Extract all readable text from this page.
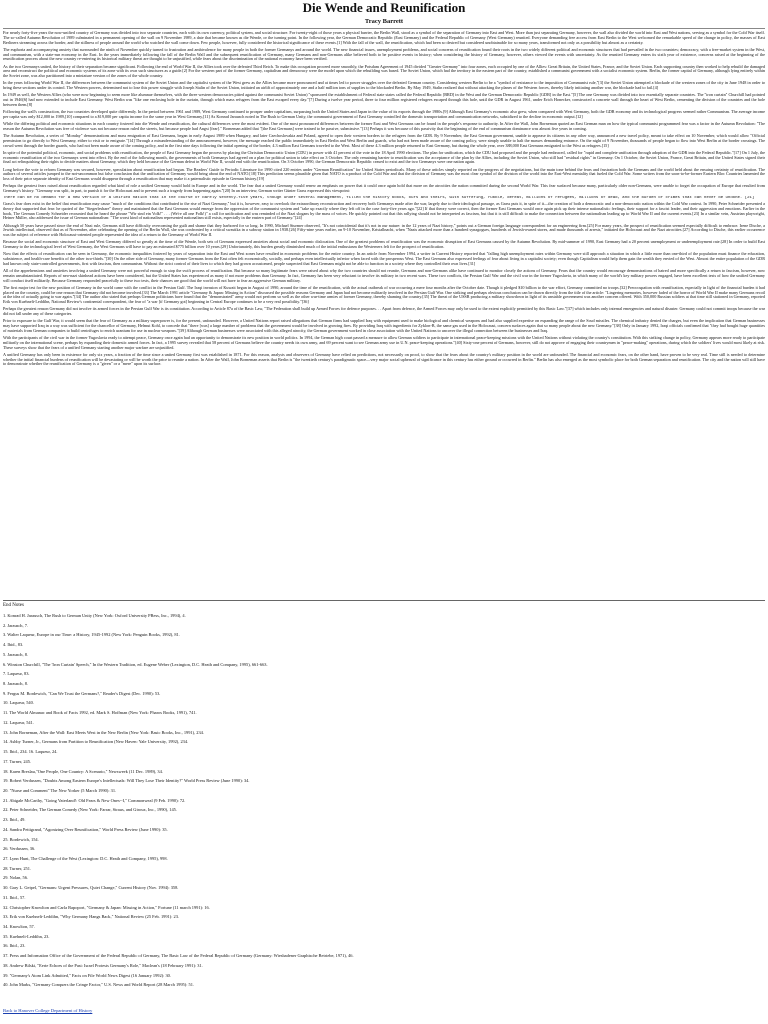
Die Wende and Reunification
Tracy Barrett

For nearly forty-five years the now-unified country of Germany was divided into two separate countries, each with its own currency, political system, and social structure. For twenty-eight of those years a physical barrier, the Berlin Wall, stood as a symbol of the separation of Germany into East and West. More than just separating Germany, however, the wall also divided the world into East and West nations, serving as a symbol for the Cold War itself. The so-called Autumn Revolution of 1989 culminated in a permanent opening of the wall on 9 November 1989, a date that became known as die Wende, or the turning point. In the following year, the German Democratic Republic (East Germany) and the Federal Republic of Germany (West Germany) reunited. Everyone demanding free access from East Berlin to the West welcomed the remarkable speed of the change in policy, the masses of East Berliners streaming across the border, and the stillness of people around the world who watched the wall come down. Few people, however, fully considered the historical significance of these events.[1] With the fall of the wall, the reunification, which had been so desired but considered unobtainable for so many years, transformed not only as a possibility but almost as a certainty.

The euphoria and accompanying anxiety that surrounded the ninth of November quickly turned to frustration and ambivalence for many people in both the former Germanys and around the world. The new financial issues, unemployment problems, and social concerns of reunification found their roots in the two widely different political and economic structures that had prevailed in the two countries; democracy, with a free-market system in the West, and communism, with a state-run economy in the East. In the years immediately following the fall of the Berlin Wall and the subsequent reunification of Germany, many Germans and non-Germans alike believed both to be positive events in history; when considering the history of Germany, however, others viewed the events with uncertainty. As the reunited Germany enters its sixth year of existence, concerns raised at the beginning of the reunification process about the new country re-entering its historical military threat are thought to be unjustified, while fears about the discrimination of the national economy have been verified.

As the two Germanys united, the history of their separation became significant. Following the end of World War II, the Allies took over the defeated Third Reich. To make this occupation proceed more smoothly, the Potsdam Agreement of 1945 divided "Greater Germany" into four zones, each occupied by one of the Allies: Great Britain, the United States, France, and the Soviet Union. Each supporting country then worked to help rebuild the damaged area and reconstruct the political and economic systems of its zone with its own such structures as a guide.[2] For the western part of the former Germany, capitalism and democracy were the model upon which the rebuilding was based. The Soviet Union, which had the territory in the eastern part of the country, established a communist government with a socialist economic system. Berlin, the former capital of Germany, although lying entirely within the Soviet zone, was also partitioned into a miniature version of the zones of the whole country.

In the years following World War II, the differences between the communist system of the Soviet Union and the capitalist system of the West grew as the Allies became more pronounced and at times led to power struggles over the defeated German country. Considering western Berlin to be a "symbol of resistance to the imposition of Communist rule,"[3] the Soviet Union attempted a blockade of the western zones of the city in June 1948 in order to bring these sections under its control. The Western powers, determined not to lose this power struggle with Joseph Stalin of the Soviet Union, initiated an airlift of approximately one and a half million tons of supplies to the blockaded Berlin. By May 1949, Stalin realized that without attacking the planes of the Western forces, thereby likely initiating another war, the blockade had to fail.[4]

In 1949 as well, the Western Allies (who were now beginning to seem more like alumnae themselves, with the three western democracies pitted against the communist Soviet Union) "sponsored the establishment of Federal state states called the Federal Republic [BRD] in the West and the German Democratic Republic [GDR] in the East."[5] The one Germany was divided into two essentially separate countries. The "iron curtain" Churchill had pointed out in 1946[6] had now extended to include East Germany. West Berlin was "like one enclosing hole in the curtain, through which mass refugees from the East escaped every day."[7] During a twelve year period, three to four million registered refugees escaped through this hole, until the GDR in August 1961, under Erich Honecker, constructed a concrete wall through the heart of West Berlin, cementing the division of the countries and the hole between them.[8]

Following the wall's construction, the two countries developed quite differently. In the period between 1961 and 1989, West Germany continued to prosper under capitalism, surpassing both the United States and Japan in the value of its exports through the 1980s.[9] Although East Germany's economic also grew, when compared with West Germany, both the GDR economy and its technological progress seemed rather Communism. The average income per capita was only $12,000 in 1989,[10] compared to a $19,000 per capita income for the same year in West Germany,[11] As Konrad Jarausch noted in The Rush to German Unity, the communist government of East Germany controlled the domestic transportation and communication networks, subsidized to the decline in economic output.[12]

While the differing political and economic situations in each country fostered into die Wende and reunification, the cultural differences were the most evident. One of the most pronounced differences between the former East and West Germans can be found in the people's response to authority. In After the Wall, John Borneman quoted an East German man on how the typical communist programmed fear was a factor in the Autumn Revolution: "The reason the Autumn Revolution was free of violence was not because reason ruled the streets, but because people had Angst [fear]." Borneman added that "[the East Germans] were trained to be passive, submissive."[13] Perhaps it was because of this passivity that the beginning of the end of communism dominance was almost five years in coming.

The Autumn Revolution, a series of "Monday" demonstrations and mass emigration of East Germans, began in early August 1989 when Hungary, and later Czechoslovakia and Poland, agreed to open their western borders to the refugees from the GDR. By 9 November, the East German government, unable to appease its citizens in any other way, announced a new travel policy, meant to take effect on 10 November, which would allow "Official permission to go directly to West Germany, either to visit or to emigrate."[14] Through a misunderstanding of the announcement, however, the message reached the public immediately in East Berlin and West Berlin and guards, who had not been made aware of the coming policy, were simply unable to halt the masses demanding entrance. On the night of 9 November, thousands of people began to flow into West Berlin at the border crossings. The crowd went through the border guards, who had not been made aware of the coming policy, and in the first nine days following the initial opening of the border, 4.3 million East Germans traveled to the West. Most of these 4.3 million people returned to East Germany, but during the whole year, over 388,000 East Germans emigrated to the West as refugees.[15]

In spite of the potential political, economic, and social problems with reunification, the people of East Germany began the process by placing the Christian Democratic Union (CDU) in power with 41 percent of the vote in the 18 April 1990 elections. The plan for unification, which the CDU had proposed and the people had embraced, called for "rapid and complete unification through adoption of the GDR into the Federal Republic."[17] On 1 July, the economic reunification of the two Germanys went into effect. By the end of the following month, the governments of both Germanys had agreed on a plan for political union to take effect on 3 October. The only remaining barrier to reunification was the acceptance of the plan by the Allies, including the Soviet Union, who still had "residual rights" in Germany. On 1 October, the Soviet Union, France, Great Britain, and the United States signed their final act relinquishing their rights to decide matters about Germany, which they held because of the German defeat in World War II, would end with the reunification. On 3 October 1990, the German Democratic Republic ceased to exist and the two Germanys were one nation again.

Long before the vote to reform Germany was secured, however, speculation about reunification had begun. The Readers' Guide to Periodic Literature for 1990 cited 220 entries under "German Reunification" for United States periodicals. Many of these articles simply reported on the progress of the negotiations, but the main tone behind the fears and frustration both the Germans and the world held about the ensuing certainty of reunification. The authors of several articles jumped to the not-uncommon but false conclusion that the unification of Germany would bring about the end of NATO.[18] This prediction seems plausible given that NATO is a product of the Cold War and that the division of Germany was the most clear symbol of the division of the world into the East-West mentality that fueled the Cold War. Some writers from the soon-to-be-former Eastern Bloc Countries lamented the loss of their prior separate identity of East Germans would disappear through a reunification that may make it a paternalistic episode in German history.[19]

Perhaps the greatest fears raised about reunification regarded what kind of role a unified Germany would hold in Europe and in the world. The fear that a united Germany would renew an emphasis on power that it could once again hold that more on the atrocities the nation committed during the second World War. This fear surfaced because many, particularly older non-Germans, were unable to forget the occupation of Europe that resulted from Germany's history. "Germany was split, in part, to punish it for the Holocaust and to prevent such a tragedy from happening again."[20] In an interview, German writer Günter Grass expressed this viewpoint:

There can be no demand for a new version of a unified nation that in the course of barely seventy-five years, though under several management, filled the history books, ours and theirs, with suffering, rubble, defeat, millions of refugees, millions of dead, and the burden of crimes that can never be undone. [21]

Grass's fear does exist in the belief that reunification may cause "much of the conditions that contributed to the rise of Nazi Germany," but it is, however, easy to overlook the extraordinary reconstruction and recovery both Germanys made after the war, largely due to their ideological passage, as Grass puts it, in spite of it—the creation of both a democratic and a non-democratic nation within the Cold War context. In 1990, Peter Schneider presented a theory that supported that fear: he quoted of the "Siegerlesbare" theory and maintained that the East Germans would emerge from the oppression of the communist system and "take up exactly where they left off in the case forty-five years ago."[22] If that theory were correct, then the former East Germans would once again pick up their intense nationalistic feelings, their support for a fascist leader, and their aggression and emotions. Earlier in the book, The German Comedy Schneider recounted that he heard the phrase "Wir sind ein Volk!" . . . (We're all one Folk!)" a call for unification and was reminded of the Nazi slogans by the mass of voices. He quickly pointed out that this rallying should not be interpreted as fascism, but that it is still difficult to make the connection between the nationalism leading up to World War II and the current events.[23] In a similar vein, Austrian playwright, Heiner Müller, also addressed the issue of German nationalism: "The worst kind of nationalism represented nationalism still exists, especially in the eastern part of Germany."[24]

Although 50 years have passed since the end of Nazi rule, Germans still have difficulty overcoming the guilt and shame that they harbored for so long. In 1990, Michael Sturmer observed, "It's not coincidental that it's not in our nature: in the 12 years of Nazi history," points out a German foreign language correspondent for an engineering firm.[25] For many years, the prospect of reunification seemed especially difficult to embrace. Irene Dische, a Jewish intellectual, observed that as of November, after celebrating the opening of the Berlin Wall, she was confronted by a critical swastika in a subway station in 1938.[26] Fifty-nine years earlier, on 9-10 November, Kristallnacht, when "Nazis attacked more than a hundred synagogues, hundreds of Jewish-owned stores, and made thousands of arrests," initiated the Holocaust and the Nazi atrocities.[27] According to Dische, this earlier occurrence was the subject of reference with Holocaust-oriented people represented the idea of a return to the Germany of World War II.

Because the social and economic structure of East and West Germany differed so greatly at the time of die Wende, both sets of Germans expressed anxieties about social and economic dislocation. One of the greatest problems of reunification was the economic disruption of East Germans caused by the Autumn Revolution. By mid-summer of 1990, East Germany had a 20 percent unemployment or underemployment rate.[28] In order to build East Germany to the technological level of West Germany, the West Germans will have to pay an estimated $775 billion over 10 years.[29] Unfortunately, this burden greatly diminished much of the initial enthusiasm the Westerners felt for the prospect of reunification.

Now that the effects of reunification can be seen in Germany, the economic inequalities fostered by years of separation into the East and West zones have resulted in economic problems for the entire country. In an article from November 1994, a writer in Current History reported that "falling high unemployment rates within Germany were still approach a situation in which a little more than one-third of the population must finance the education, subsistence, and health-care benefits of the other two-thirds."[30] On the other side of Germany, many former Germans from the East often felt economically, socially, and perhaps even intellectually inferior when faced with the prosperous West. The East Germans also expressed feelings of fear about living in a capitalist society; even though Capitalism would help them gain the wealth they envied of the West. Almost the entire population of the GDR had known only state-controlled governments, first with fascism, then communism. Without the strict control of their lives to which they had grown accustomed, people suspected that East Germans might not be able to function in a society where they controlled their own lives.[31]

All of the apprehensions and anxieties involving a united Germany were not powerful enough to stop the swift process of reunification. But because so many legitimate fears were raised about why the two countries should not reunite, Germans and non-Germans alike have continued to monitor closely the actions of Germany. Fears that the country would encourage demonstrations of hatred and more specifically a return to fascism, however, now remain unsubstantiated. Reports of neo-nazi skinhead actions have been considered, but the United States has experienced as many if not more problems than Germany. In fact, Germany has been very reluctant to involve its military in two recent wars. These two conflicts, the Persian Gulf War and the civil war in the former Yugoslavia, in which many of the world's key military powers engaged, have been excellent tests of how the unified Germany will conduct itself militarily. Because Germany responded peacefully to these two tests, their chances are good that the world will not have to fear an aggressive German military.

The first major test for the new position of Germany in the world came with the conflict in the Persian Gulf. The Iraqi invasion of Kuwait began in August of 1990, around the time of the reunification, with the actual outbreak of war occurring a mere four months after the October date. Though it pledged $10 billion to the war effort, Germany committed no troops.[32] Preoccupation with reunification, especially in light of the financial burden it had placed on the country, could be one reason that Germany did not become involved.[33] The March 1991 article "Germany & Japan: Missing in Action" discussed the possible reasons Germany and Japan had not become militarily involved in the Persian Gulf War. One striking and perhaps obvious conclusion can be drawn directly from the title of the article: "Lingering memories, however faded of the horror of World War II make many Germans recoil at the idea of actually going to war again."[34] The author also stated that perhaps German politicians have found that the "demonstrated" army would not perform so well as the other war-time armies of former Germany, thereby shaming the country.[35] The threat of the USSR producing a military showdown in light of its unstable government was another concern offered. With 350,000 Russian soldiers at that time still stationed in Germany, reported Erik von Kuehnelt-Leddihn, National Review's continental correspondent, the fear of "a war [if Germany got] beginning in Central Europe continues to be a very real possibility."[36]

Perhaps the greatest reason Germany did not involve its armed forces in the Persian Gulf War is its constitution. According to Article 87a of the Basic Law, "The Federation shall build up Armed Forces for defence purposes. . . Apart from defence, the Armed Forces may only be used to the extent explicitly permitted by this Basic Law."[37] which includes only internal emergencies and natural disaster. Germany could not commit troops because the war did not fall under any of these categories.

Prior to exposure to the Gulf War, it would seem that the fear of Germany as a military superpower is, for the present, unfounded. However, a United Nations report raised allegations that German firms had supplied Iraq with equipment used to make biological and chemical weapons and had also supplied expertise on expanding the range of the Scud missiles. The chemical industry denied the charges, but even the implication that German businesses may have supported Iraq in a way was sufficient for the chancellor of Germany, Helmut Kohl, to concede that "there [was] a large number of problems that the government would be involved in growing fires. By providing Iraq with ingredients for Zyklon-B, the same gas used in the Holocaust, concern surfaces again that so many people about the new Germany."[38] Only in January 1992, Iraqi officials confirmed that "they had bought huge quantities of materials from German companies to build centrifuges to enrich uranium for use in nuclear weapons."[39] Although German businesses were associated with this alleged atrocity, the German government worked in close association with the United Nations to uncover the illegal connection between the businesses and Iraq.

With the participants of the civil war in the former Yugoslavia ready to attempt peace, Germany once again had an opportunity to demonstrate its new position in world politics. In 1994, the German high court passed a measure to allow German soldiers to participate in international peace-keeping missions with the United Nations without violating the country's constitution. With this striking change in policy, Germany appears more ready to participate militarily on the international scene, perhaps by expanding their domestic armed forces. In fact, a 1995 survey revealed that 58 percent of Germans believe the country needs its own army, and 69 percent want to see German army use in U.N. peace-keeping operations."[40] Sixty-one percent of Germans, however, still do not approve of engaging their countrymen in "peace-making" operations, during which the soldiers' lives would most likely at risk. These surveys show that the fears of a unified Germany starting another major warfare are unjustified.

A unified Germany has only been in existence for only six years, a fraction of the time since a united Germany first was established in 1871. For this reason, analysts and observers of Germany have relied on predictions, not necessarily on proof, to show that the fears about the country's military position in the world are unfounded. The financial and economic fears, on the other hand, have proven to be very real. Time still is needed to determine whether the initial financial burdens of reunification will be devastating or will be worth the price to reunite a nation. In After the Wall, John Borneman asserts that Berlin is "the twentieth century's paradigmatic space—very major social upheaval of significance in this century has either ground or occurred in Berlin." Berlin has also emerged as the most symbolic place for both German separation and reunification. The city and the nation will still have to demonstrate whether the reunification of Germany is a "given" or a "mere" upon its surface.

End Notes
1. Konrad H. Jarausch, The Rush to German Unity (New York: Oxford University PRess, Inc., 1994), 4.
2. Jarausch, 7.
3. Walter Laqueur, Europe in our Time: a History, 1945-1992 (New York: Penguin Books, 1992), 81.
4. Ibid., 83.
5. Jarausch, 8.
6. Winston Churchill, "The 'Iron Curtain' Speech," In the Western Tradition, ed. Eugene Weber (Lexington, D.C. Heath and Company, 1995), 661-663.
7. Laqueur, 83.
8. Jarausch, 8.
9. Fergus M. Bordewich, "Can We Trust the Germans?," Reader's Digest (Dec. 1990): 53.
10. Laqueur, 540.
11. The World Almanac and Book of Facts 1992, ed. Mark S. Hoffman (New York: Pharos Books, 1991), 741.
12. Laqueur, 541.
13. John Borneman, After the Wall: East Meets West in the New Berlin (New York: Basic Books, Inc., 1991), 234.
14. Ashby Turner, Jr., Germans from Partition to Reunification (New Haven: Yale University, 1992), 234.
15. Ibid., 234. 16. Laqueur, 24.
17. Turner, 245.
18. Karen Breslau,"One People, One Country: A Scenario," Newsweek (11 Dec. 1989), 34.
19. Robert Verdussen, "Doubts Among Eastern Europe's Intellectuals: Will They Lose Their Identity?" World Press Review (June 1990): 34.
20. "Nurse and Comment" The New Yorker (5 March 1990): 31.
21. Abigale McCarthy, "Going Vaterland!: Old Fears & New Ones--I," Commonweal (9 Feb. 1990): 72.
22. Peter Schneider, The German Comedy (New York: Farrar, Straus, and Giroux, Inc., 1990), 145.
23. Ibid., 49.
24. Sandra Pettigrand, "Agonizing Over Reunification," World Press Review (June 1990): 35.
25. Bordewich, 154.
26. Verdussen, 36.
27. Lynn Hunt, The Challenge of the West (Lexington: D.C. Heath and Company, 1995), 998.
28. Turner, 251.
29. Nolan, 56.
30. Gary L. Geipel, "Germans: Urgent Pressures, Quiet Change," Current History (Nov. 1994): 358.
31. Ibid., 57.
32. Christopher Knowlton and Carla Rapoport, "Germany & Japan: Missing in Action," Fortune (11 march 1991): 16.
33. Erik von Kuehnelt-Leddihn, "Why Germany Hangs Back," National Review (25 Feb. 1991): 23.
34. Knowlton, 57.
35. Kuehnelt-Leddihn, 23.
36. Ibid., 23.
37. Press and Information Office of the Government of the Federal Republic of Germany, The Basic Law of the Federal Republic of Germany (Germany: Wiesbadener Graphische Betriebe, 1971), 46.
38. Andrew Bilski, "Eerie Echoes of the Past: Israel Protests Germany's Role," Maclean's (18 February 1991): 31.
39. "Germany's Atom Link Admitted," Facts on File World News Digest (16 January 1992): 30.
40. John Marks, "Germany Conquers the Cringe Factor," U.S. News and World Report (28 March 1995): 51.
Back to Hanover College Department of History
